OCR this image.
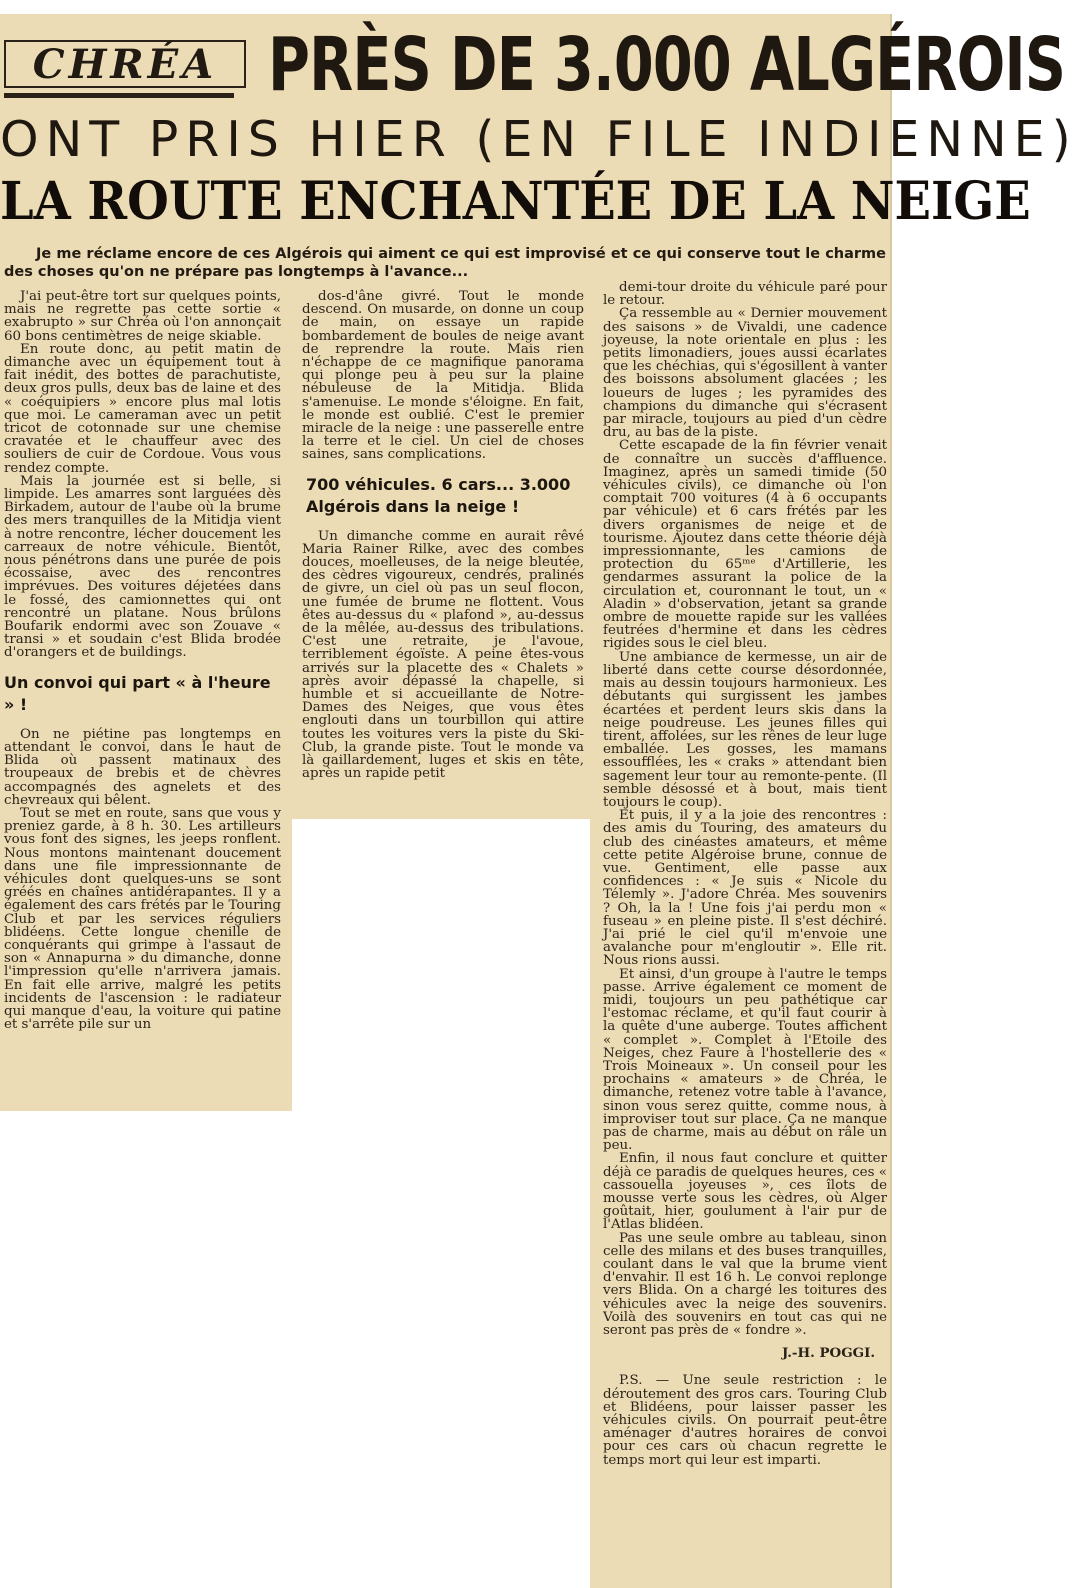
CHRÉA PRÈS DE 3.000 ALGÉROIS
ONT PRIS HIER (EN FILE INDIENNE)
LA ROUTE ENCHANTÉE DE LA NEIGE
Je me réclame encore de ces Algérois qui aiment ce qui est improvisé et ce qui conserve tout le charme des choses qu'on ne prépare pas longtemps à l'avance...

J'ai peut-être tort sur quelques points, mais ne regrette pas cette sortie « exabrupto » sur Chréa où l'on annonçait 60 bons centimètres de neige skiable.

En route donc, au petit matin de dimanche avec un équipement tout à fait inédit, des bottes de parachutiste, deux gros pulls, deux bas de laine et des « coéquipiers » encore plus mal lotis que moi. Le cameraman avec un petit tricot de cotonnade sur une chemise cravatée et le chauffeur avec des souliers de cuir de Cordoue. Vous vous rendez compte.

Mais la journée est si belle, si limpide. Les amarres sont larguées dès Birkadem, autour de l'aube où la brume des mers tranquilles de la Mitidja vient à notre rencontre, lécher doucement les carreaux de notre véhicule. Bientôt, nous pénétrons dans une purée de pois écossaise, avec des rencontres imprévues. Des voitures déjetées dans le fossé, des camionnettes qui ont rencontré un platane. Nous brûlons Boufarik endormi avec son Zouave « transi » et soudain c'est Blida brodée d'orangers et de buildings.

Un convoi qui part « à l'heure » !

On ne piétine pas longtemps en attendant le convoi, dans le haut de Blida où passent matinaux des troupeaux de brebis et de chèvres accompagnés des agnelets et des chevreaux qui bêlent.

Tout se met en route, sans que vous y preniez garde, à 8 h. 30. Les artilleurs vous font des signes, les jeeps ronflent. Nous montons maintenant doucement dans une file impressionnante de véhicules dont quelques-uns se sont gréés en chaînes antidérapantes. Il y a également des cars frétés par le Touring Club et par les services réguliers blidéens. Cette longue chenille de conquérants qui grimpe à l'assaut de son « Annapurna » du dimanche, donne l'impression qu'elle n'arrivera jamais. En fait elle arrive, malgré les petits incidents de l'ascension : le radiateur qui manque d'eau, la voiture qui patine et s'arrête pile sur un

dos-d'âne givré. Tout le monde descend. On musarde, on donne un coup de main, on essaye un rapide bombardement de boules de neige avant de reprendre la route. Mais rien n'échappe de ce magnifique panorama qui plonge peu à peu sur la plaine nébuleuse de la Mitidja. Blida s'amenuise. Le monde s'éloigne. En fait, le monde est oublié. C'est le premier miracle de la neige : une passerelle entre la terre et le ciel. Un ciel de choses saines, sans complications.

700 véhicules. 6 cars... 3.000 Algérois dans la neige !

Un dimanche comme en aurait rêvé Maria Rainer Rilke, avec des combes douces, moelleuses, de la neige bleutée, des cèdres vigoureux, cendrés, pralinés de givre, un ciel où pas un seul flocon, une fumée de brume ne flottent. Vous êtes au-dessus du « plafond », au-dessus de la mêlée, au-dessus des tribulations. C'est une retraite, je l'avoue, terriblement égoïste. A peine êtes-vous arrivés sur la placette des « Chalets » après avoir dépassé la chapelle, si humble et si accueillante de Notre-Dames des Neiges, que vous êtes englouti dans un tourbillon qui attire toutes les voitures vers la piste du Ski-Club, la grande piste. Tout le monde va là gaillardement, luges et skis en tête, après un rapide petit

demi-tour droite du véhicule paré pour le retour.

Ça ressemble au « Dernier mouvement des saisons » de Vivaldi, une cadence joyeuse, la note orientale en plus : les petits limonadiers, joues aussi écarlates que les chéchias, qui s'égosillent à vanter des boissons absolument glacées ; les loueurs de luges ; les pyramides des champions du dimanche qui s'écrasent par miracle, toujours au pied d'un cèdre dru, au bas de la piste.

Cette escapade de la fin février venait de connaître un succès d'affluence. Imaginez, après un samedi timide (50 véhicules civils), ce dimanche où l'on comptait 700 voitures (4 à 6 occupants par véhicule) et 6 cars frétés par les divers organismes de neige et de tourisme. Ajoutez dans cette théorie déjà impressionnante, les camions de protection du 65ᵐᵉ d'Artillerie, les gendarmes assurant la police de la circulation et, couronnant le tout, un « Aladin » d'observation, jetant sa grande ombre de mouette rapide sur les vallées feutrées d'hermine et dans les cèdres rigides sous le ciel bleu.

Une ambiance de kermesse, un air de liberté dans cette course désordonnée, mais au dessin toujours harmonieux. Les débutants qui surgissent les jambes écartées et perdent leurs skis dans la neige poudreuse. Les jeunes filles qui tirent, affolées, sur les rênes de leur luge emballée. Les gosses, les mamans essoufflées, les « craks » attendant bien sagement leur tour au remonte-pente. (Il semble désossé et à bout, mais tient toujours le coup).

Et puis, il y a la joie des rencontres : des amis du Touring, des amateurs du club des cinéastes amateurs, et même cette petite Algéroise brune, connue de vue. Gentiment, elle passe aux confidences : « Je suis « Nicole du Télemly ». J'adore Chréa. Mes souvenirs ? Oh, la la ! Une fois j'ai perdu mon « fuseau » en pleine piste. Il s'est déchiré. J'ai prié le ciel qu'il m'envoie une avalanche pour m'engloutir ». Elle rit. Nous rions aussi.

Et ainsi, d'un groupe à l'autre le temps passe. Arrive également ce moment de midi, toujours un peu pathétique car l'estomac réclame, et qu'il faut courir à la quête d'une auberge. Toutes affichent « complet ». Complet à l'Etoile des Neiges, chez Faure à l'hostellerie des « Trois Moineaux ». Un conseil pour les prochains « amateurs » de Chréa, le dimanche, retenez votre table à l'avance, sinon vous serez quitte, comme nous, à improviser tout sur place. Ça ne manque pas de charme, mais au début on râle un peu.

Enfin, il nous faut conclure et quitter déjà ce paradis de quelques heures, ces « cassouella joyeuses », ces îlots de mousse verte sous les cèdres, où Alger goûtait, hier, goulument à l'air pur de l'Atlas blidéen.

Pas une seule ombre au tableau, sinon celle des milans et des buses tranquilles, coulant dans le val que la brume vient d'envahir. Il est 16 h. Le convoi replonge vers Blida. On a chargé les toitures des véhicules avec la neige des souvenirs. Voilà des souvenirs en tout cas qui ne seront pas près de « fondre ».

J.-H. POGGI.

P.S. — Une seule restriction : le déroutement des gros cars. Touring Club et Blidéens, pour laisser passer les véhicules civils. On pourrait peut-être aménager d'autres horaires de convoi pour ces cars où chacun regrette le temps mort qui leur est imparti.
